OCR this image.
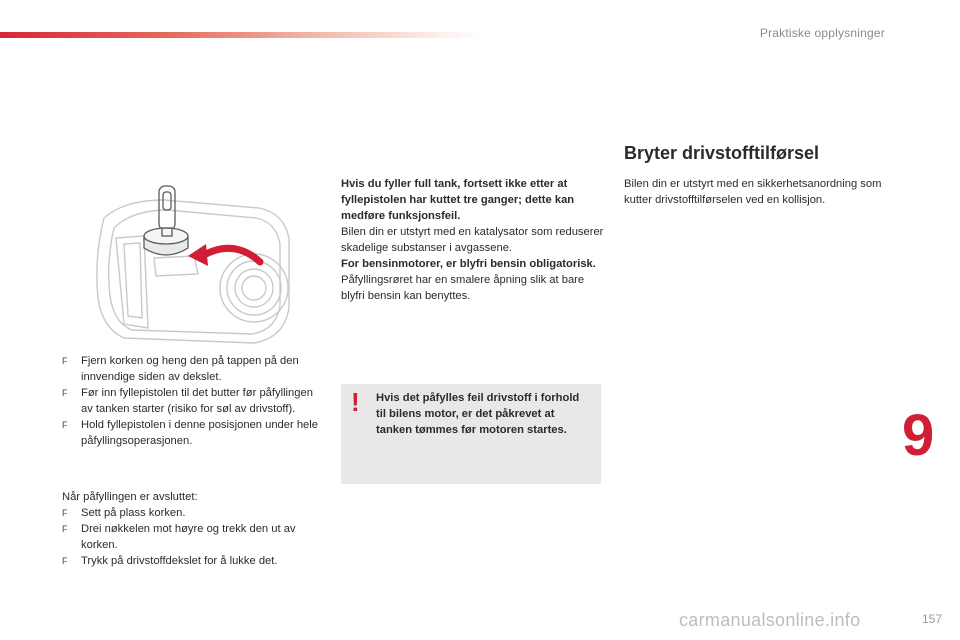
Praktiske opplysninger
F Fjern korken og heng den på tappen på den innvendige siden av dekslet.
F Før inn fyllepistolen til det butter før påfyllingen av tanken starter (risiko for søl av drivstoff).
F Hold fyllepistolen i denne posisjonen under hele påfyllingsoperasjonen.

Når påfyllingen er avsluttet:

F Sett på plass korken.
F Drei nøkkelen mot høyre og trekk den ut av korken.
F Trykk på drivstoffdekslet for å lukke det.

Hvis du fyller full tank, fortsett ikke etter at fyllepistolen har kuttet tre ganger; dette kan medføre funksjonsfeil.

Bilen din er utstyrt med en katalysator som reduserer skadelige substanser i avgassene.

For bensinmotorer, er blyfri bensin obligatorisk.

Påfyllingsrøret har en smalere åpning slik at bare blyfri bensin kan benyttes.

! Hvis det påfylles feil drivstoff i forhold til bilens motor, er det påkrevet at tanken tømmes før motoren startes.
Bryter drivstofftilførsel

Bilen din er utstyrt med en sikkerhetsanordning som kutter drivstofftilførselen ved en kollisjon.

9
157
carmanualsonline.info
